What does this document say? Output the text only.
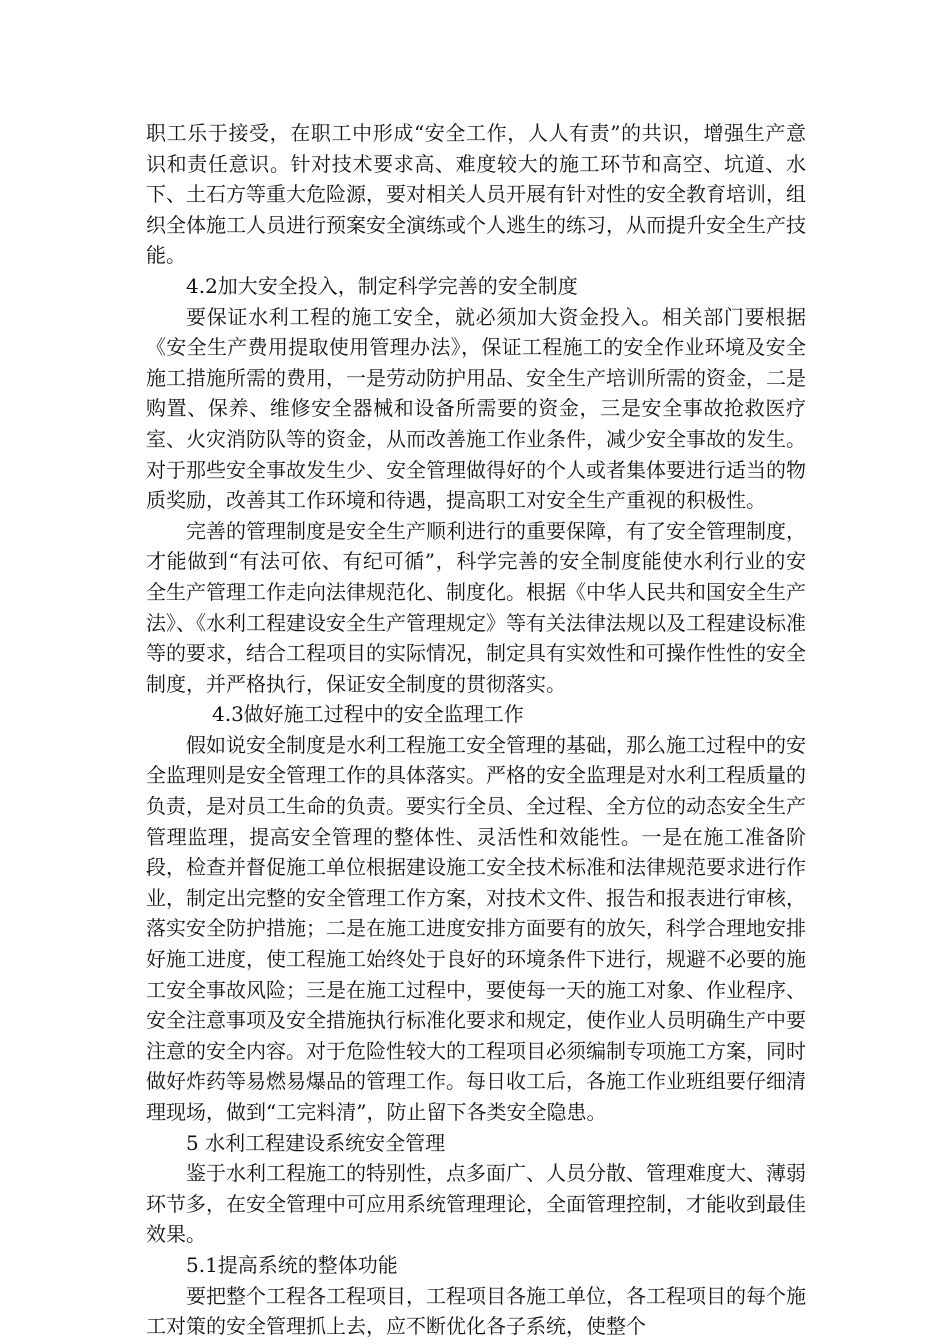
职工乐于接受，在职工中形成“安全工作，人人有责”的共识，增强生产意识和责任意识。针对技术要求高、难度较大的施工环节和高空、坑道、水下、土石方等重大危险源，要对相关人员开展有针对性的安全教育培训，组织全体施工人员进行预案安全演练或个人逃生的练习，从而提升安全生产技能。

4.2加大安全投入，制定科学完善的安全制度

要保证水利工程的施工安全，就必须加大资金投入。相关部门要根据《安全生产费用提取使用管理办法》，保证工程施工的安全作业环境及安全施工措施所需的费用，一是劳动防护用品、安全生产培训所需的资金，二是购置、保养、维修安全器械和设备所需要的资金，三是安全事故抢救医疗室、火灾消防队等的资金，从而改善施工作业条件，减少安全事故的发生。对于那些安全事故发生少、安全管理做得好的个人或者集体要进行适当的物质奖励，改善其工作环境和待遇，提高职工对安全生产重视的积极性。

完善的管理制度是安全生产顺利进行的重要保障，有了安全管理制度，才能做到“有法可依、有纪可循”，科学完善的安全制度能使水利行业的安全生产管理工作走向法律规范化、制度化。根据《中华人民共和国安全生产法》、《水利工程建设安全生产管理规定》等有关法律法规以及工程建设标准等的要求，结合工程项目的实际情况，制定具有实效性和可操作性性的安全制度，并严格执行，保证安全制度的贯彻落实。

4.3做好施工过程中的安全监理工作

假如说安全制度是水利工程施工安全管理的基础，那么施工过程中的安全监理则是安全管理工作的具体落实。严格的安全监理是对水利工程质量的负责，是对员工生命的负责。要实行全员、全过程、全方位的动态安全生产管理监理，提高安全管理的整体性、灵活性和效能性。一是在施工准备阶段，检查并督促施工单位根据建设施工安全技术标准和法律规范要求进行作业，制定出完整的安全管理工作方案，对技术文件、报告和报表进行审核，落实安全防护措施；二是在施工进度安排方面要有的放矢，科学合理地安排好施工进度，使工程施工始终处于良好的环境条件下进行，规避不必要的施工安全事故风险；三是在施工过程中，要使每一天的施工对象、作业程序、安全注意事项及安全措施执行标准化要求和规定，使作业人员明确生产中要注意的安全内容。对于危险性较大的工程项目必须编制专项施工方案，同时做好炸药等易燃易爆品的管理工作。每日收工后，各施工作业班组要仔细清理现场，做到“工完料清”，防止留下各类安全隐患。

5 水利工程建设系统安全管理

鉴于水利工程施工的特别性，点多面广、人员分散、管理难度大、薄弱环节多，在安全管理中可应用系统管理理论，全面管理控制，才能收到最佳效果。

5.1提高系统的整体功能

要把整个工程各工程项目，工程项目各施工单位，各工程项目的每个施工对策的安全管理抓上去，应不断优化各子系统，使整个
